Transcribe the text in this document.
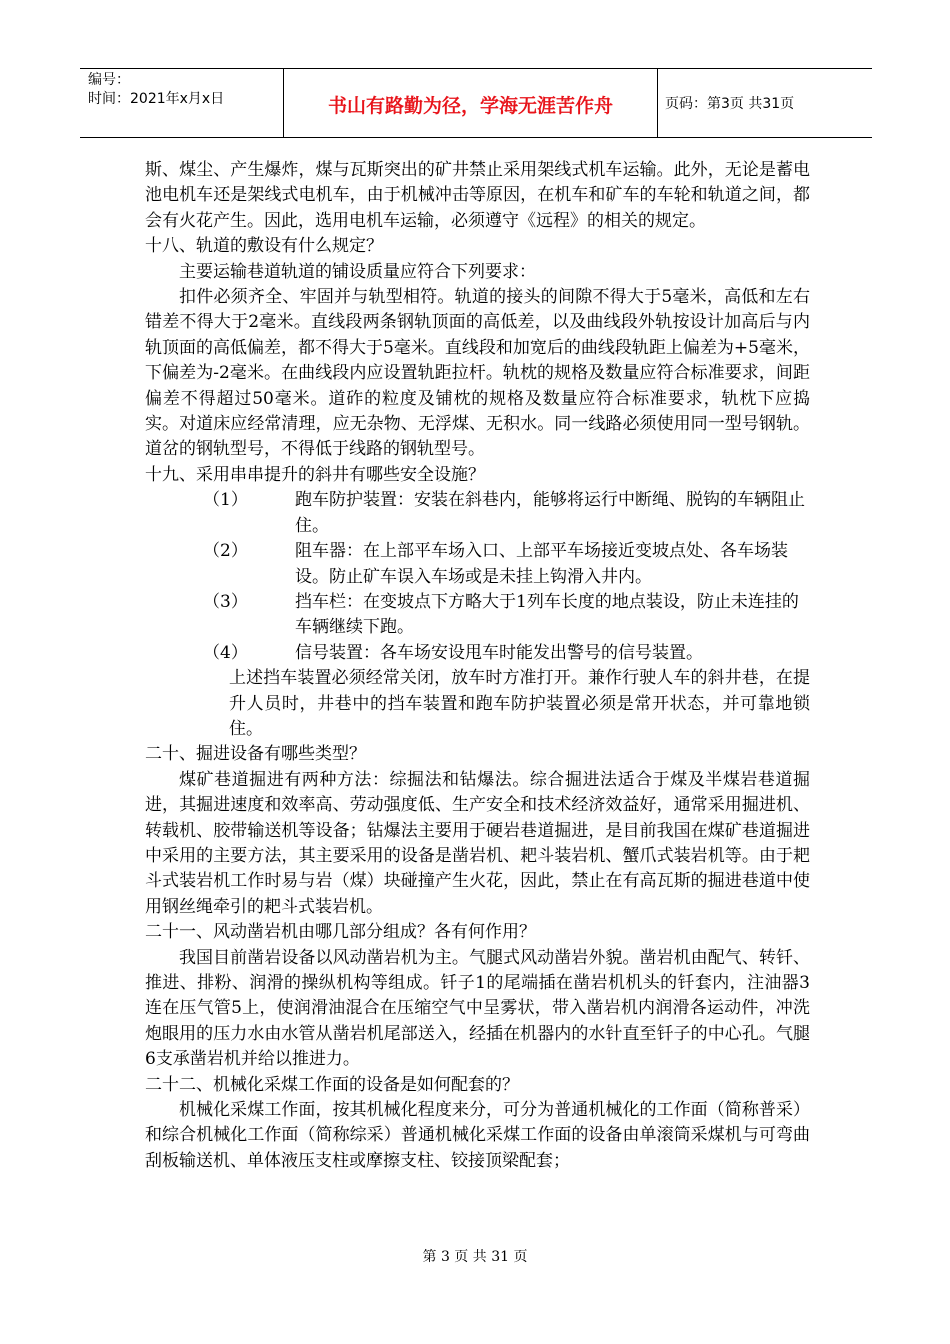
编号：
时间：2021年x月x日	书山有路勤为径，学海无涯苦作舟	页码：第3页 共31页

斯、煤尘、产生爆炸，煤与瓦斯突出的矿井禁止采用架线式机车运输。此外，无论是蓄电池电机车还是架线式电机车，由于机械冲击等原因，在机车和矿车的车轮和轨道之间，都会有火花产生。因此，选用电机车运输，必须遵守《远程》的相关的规定。

十八、轨道的敷设有什么规定？

主要运输巷道轨道的铺设质量应符合下列要求：

扣件必须齐全、牢固并与轨型相符。轨道的接头的间隙不得大于5毫米，高低和左右错差不得大于2毫米。直线段两条钢轨顶面的高低差，以及曲线段外轨按设计加高后与内轨顶面的高低偏差，都不得大于5毫米。直线段和加宽后的曲线段轨距上偏差为+5毫米，下偏差为-2毫米。在曲线段内应设置轨距拉杆。轨枕的规格及数量应符合标准要求，间距偏差不得超过50毫米。道砟的粒度及铺枕的规格及数量应符合标准要求，轨枕下应捣实。对道床应经常清理，应无杂物、无浮煤、无积水。同一线路必须使用同一型号钢轨。道岔的钢轨型号，不得低于线路的钢轨型号。

十九、采用串串提升的斜井有哪些安全设施？

（1）	跑车防护装置：安装在斜巷内，能够将运行中断绳、脱钩的车辆阻止住。
（2）	阻车器：在上部平车场入口、上部平车场接近变坡点处、各车场装设。防止矿车误入车场或是未挂上钩滑入井内。
（3）	挡车栏：在变坡点下方略大于1列车长度的地点装设，防止未连挂的车辆继续下跑。
（4）	信号装置：各车场安设甩车时能发出警号的信号装置。

上述挡车装置必须经常关闭，放车时方准打开。兼作行驶人车的斜井巷，在提升人员时，井巷中的挡车装置和跑车防护装置必须是常开状态，并可靠地锁住。

二十、掘进设备有哪些类型？

煤矿巷道掘进有两种方法：综掘法和钻爆法。综合掘进法适合于煤及半煤岩巷道掘进，其掘进速度和效率高、劳动强度低、生产安全和技术经济效益好，通常采用掘进机、转载机、胶带输送机等设备；钻爆法主要用于硬岩巷道掘进，是目前我国在煤矿巷道掘进中采用的主要方法，其主要采用的设备是凿岩机、耙斗装岩机、蟹爪式装岩机等。由于耙斗式装岩机工作时易与岩（煤）块碰撞产生火花，因此，禁止在有高瓦斯的掘进巷道中使用钢丝绳牵引的耙斗式装岩机。

二十一、风动凿岩机由哪几部分组成？各有何作用？

我国目前凿岩设备以风动凿岩机为主。气腿式风动凿岩外貌。凿岩机由配气、转钎、推进、排粉、润滑的操纵机构等组成。钎子1的尾端插在凿岩机机头的钎套内，注油器3连在压气管5上，使润滑油混合在压缩空气中呈雾状，带入凿岩机内润滑各运动件，冲洗炮眼用的压力水由水管从凿岩机尾部送入，经插在机器内的水针直至钎子的中心孔。气腿6支承凿岩机并给以推进力。

二十二、机械化采煤工作面的设备是如何配套的？

机械化采煤工作面，按其机械化程度来分，可分为普通机械化的工作面（简称普采）和综合机械化工作面（简称综采）普通机械化采煤工作面的设备由单滚筒采煤机与可弯曲刮板输送机、单体液压支柱或摩擦支柱、铰接顶梁配套；

第 3 页 共 31 页
